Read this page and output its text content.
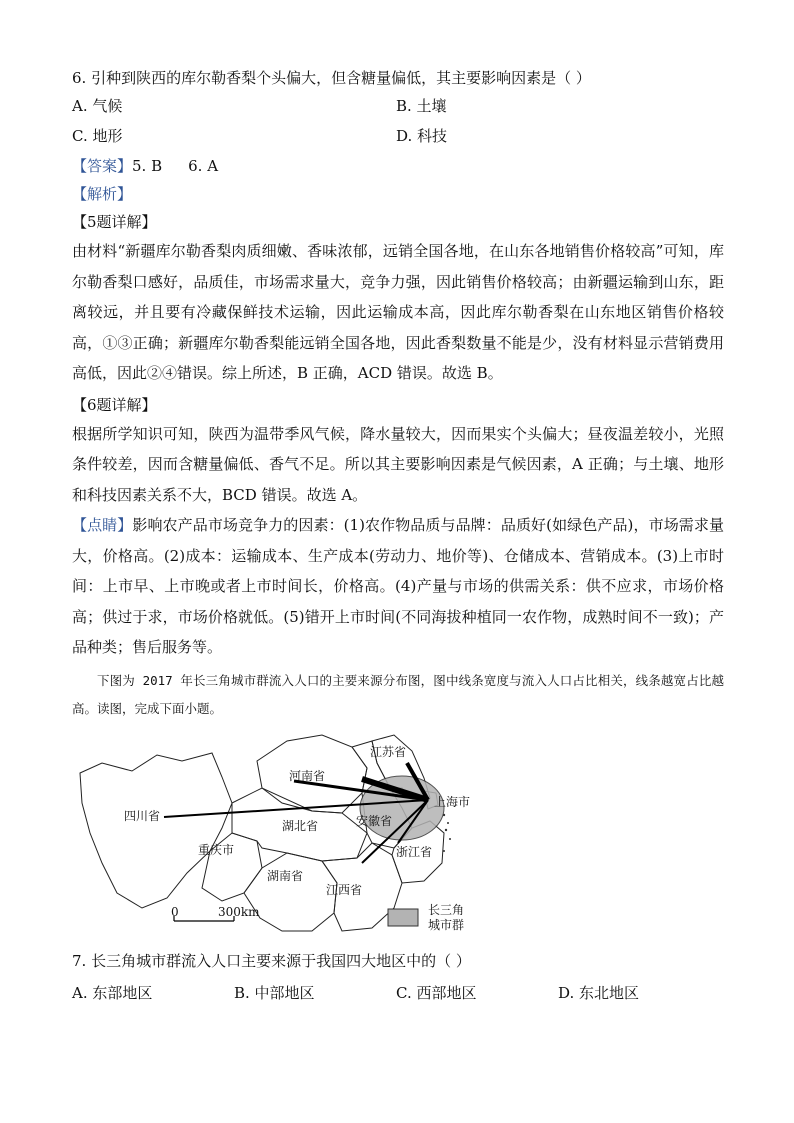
6. 引种到陕西的库尔勒香梨个头偏大，但含糖量偏低，其主要影响因素是（ ）
A. 气候	B. 土壤
C. 地形	D. 科技
【答案】5. B 6. A
【解析】
【5题详解】
由材料“新疆库尔勒香梨肉质细嫩、香味浓郁，远销全国各地，在山东各地销售价格较高”可知，库尔勒香梨口感好，品质佳，市场需求量大，竞争力强，因此销售价格较高；由新疆运输到山东，距离较远，并且要有冷藏保鲜技术运输，因此运输成本高，因此库尔勒香梨在山东地区销售价格较高，①③正确；新疆库尔勒香梨能远销全国各地，因此香梨数量不能是少，没有材料显示营销费用高低，因此②④错误。综上所述，B 正确，ACD 错误。故选 B。
【6题详解】
根据所学知识可知，陕西为温带季风气候，降水量较大，因而果实个头偏大；昼夜温差较小，光照条件较差，因而含糖量偏低、香气不足。所以其主要影响因素是气候因素，A 正确；与土壤、地形和科技因素关系不大，BCD 错误。故选 A。
【点睛】影响农产品市场竞争力的因素：(1)农作物品质与品牌：品质好(如绿色产品)，市场需求量大，价格高。(2)成本：运输成本、生产成本(劳动力、地价等)、仓储成本、营销成本。(3)上市时间：上市早、上市晚或者上市时间长，价格高。(4)产量与市场的供需关系：供不应求，市场价格高；供过于求，市场价格就低。(5)错开上市时间(不同海拔种植同一农作物，成熟时间不一致)；产品种类；售后服务等。
下图为 2017 年长三角城市群流入人口的主要来源分布图，图中线条宽度与流入人口占比相关，线条越宽占比越高。读图，完成下面小题。
河南省
江苏省
上海市
四川省
湖北省	安徽省
重庆市	浙江省
湖南省
江西省
0	300km	长三角
城市群
7. 长三角城市群流入人口主要来源于我国四大地区中的（ ）
A. 东部地区	B. 中部地区	C. 西部地区	D. 东北地区
